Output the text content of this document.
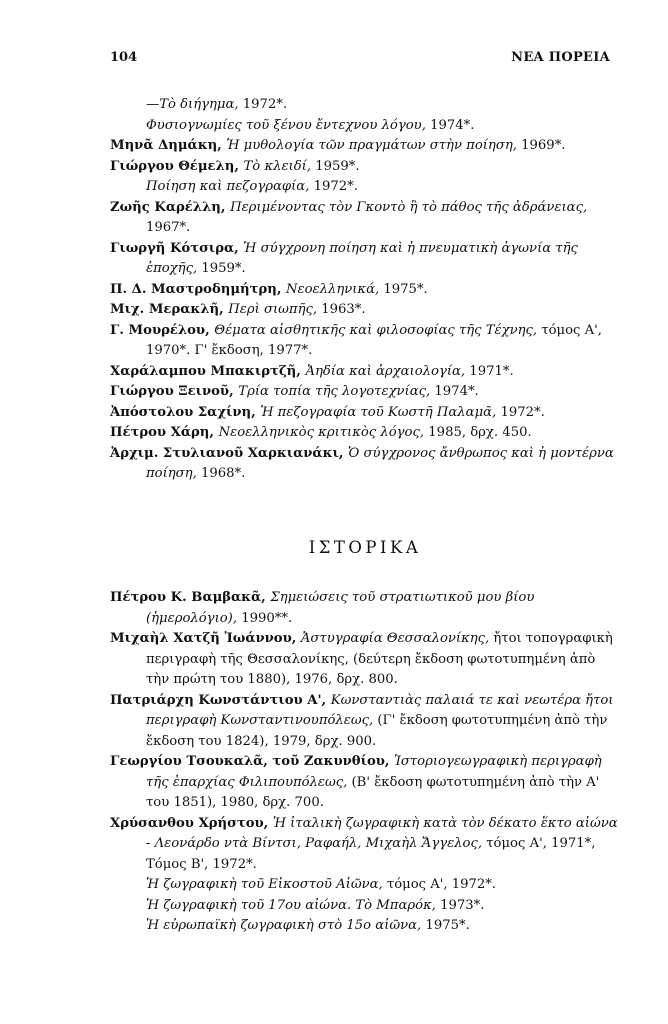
104	ΝΕΑ ΠΟΡΕΙΑ

—Τὸ διήγημα, 1972*.

Φυσιογνωμίες τοῦ ξένου ἔντεχνου λόγου, 1974*.

Μηνᾶ Δημάκη, Ἡ μυθολογία τῶν πραγμάτων στὴν ποίηση, 1969*.

Γιώργου Θέμελη, Τὸ κλειδί, 1959*.

Ποίηση καὶ πεζογραφία, 1972*.

Ζωῆς Καρέλλη, Περιμένοντας τὸν Γκοντὸ ἢ τὸ πάθος τῆς ἀδράνειας, 1967*.

Γιωργῆ Κότσιρα, Ἡ σύγχρονη ποίηση καὶ ἡ πνευματικὴ ἀγωνία τῆς ἐποχῆς, 1959*.

Π. Δ. Μαστροδημήτρη, Νεοελληνικά, 1975*.

Μιχ. Μερακλῆ, Περὶ σιωπῆς, 1963*.

Γ. Μουρέλου, Θέματα αἰσθητικῆς καὶ φιλοσοφίας τῆς Τέχνης, τόμος Α', 1970*. Γ' ἔκδοση, 1977*.

Χαράλαμπου Μπακιρτζῆ, Ἀηδία καὶ ἀρχαιολογία, 1971*.

Γιώργου Ξεινοῦ, Τρία τοπία τῆς λογοτεχνίας, 1974*.

Ἀπόστολου Σαχίνη, Ἡ πεζογραφία τοῦ Κωστῆ Παλαμᾶ, 1972*.

Πέτρου Χάρη, Νεοελληνικὸς κριτικὸς λόγος, 1985, δρχ. 450.

Ἀρχιμ. Στυλιανοῦ Χαρκιανάκι, Ὁ σύγχρονος ἄνθρωπος καὶ ἡ μοντέρνα ποίηση, 1968*.

ΙΣΤΟΡΙΚΑ

Πέτρου Κ. Βαμβακᾶ, Σημειώσεις τοῦ στρατιωτικοῦ μου βίου (ἡμερολόγιο), 1990**.

Μιχαὴλ Χατζῆ Ἰωάννου, Ἀστυγραφία Θεσσαλονίκης, ἤτοι τοπογραφικὴ περιγραφὴ τῆς Θεσσαλονίκης, (δεύτερη ἔκδοση φωτοτυπημένη ἀπὸ τὴν πρώτη του 1880), 1976, δρχ. 800.

Πατριάρχη Κωνστάντιου Α', Κωνσταντιὰς παλαιά τε καὶ νεωτέρα ἤτοι περιγραφὴ Κωνσταντινουπόλεως, (Γ' ἔκδοση φωτοτυπημένη ἀπὸ τὴν ἔκδοση του 1824), 1979, δρχ. 900.

Γεωργίου Τσουκαλᾶ, τοῦ Ζακυνθίου, Ἱστοριογεωγραφικὴ περιγραφὴ τῆς ἐπαρχίας Φιλιπουπόλεως, (Β' ἔκδοση φωτοτυπημένη ἀπὸ τὴν Α' του 1851), 1980, δρχ. 700.

Χρύσανθου Χρήστου, Ἡ ἰταλικὴ ζωγραφικὴ κατὰ τὸν δέκατο ἕκτο αἰώνα - Λεονάρδο ντὰ Βίντσι, Ραφαήλ, Μιχαὴλ Ἄγγελος, τόμος Α', 1971*, Τόμος Β', 1972*.

Ἡ ζωγραφικὴ τοῦ Εἰκοστοῦ Αἰῶνα, τόμος Α', 1972*.

Ἡ ζωγραφικὴ τοῦ 17ου αἰώνα. Τὸ Μπαρόκ, 1973*.

Ἡ εὐρωπαϊκὴ ζωγραφικὴ στὸ 15ο αἰῶνα, 1975*.
